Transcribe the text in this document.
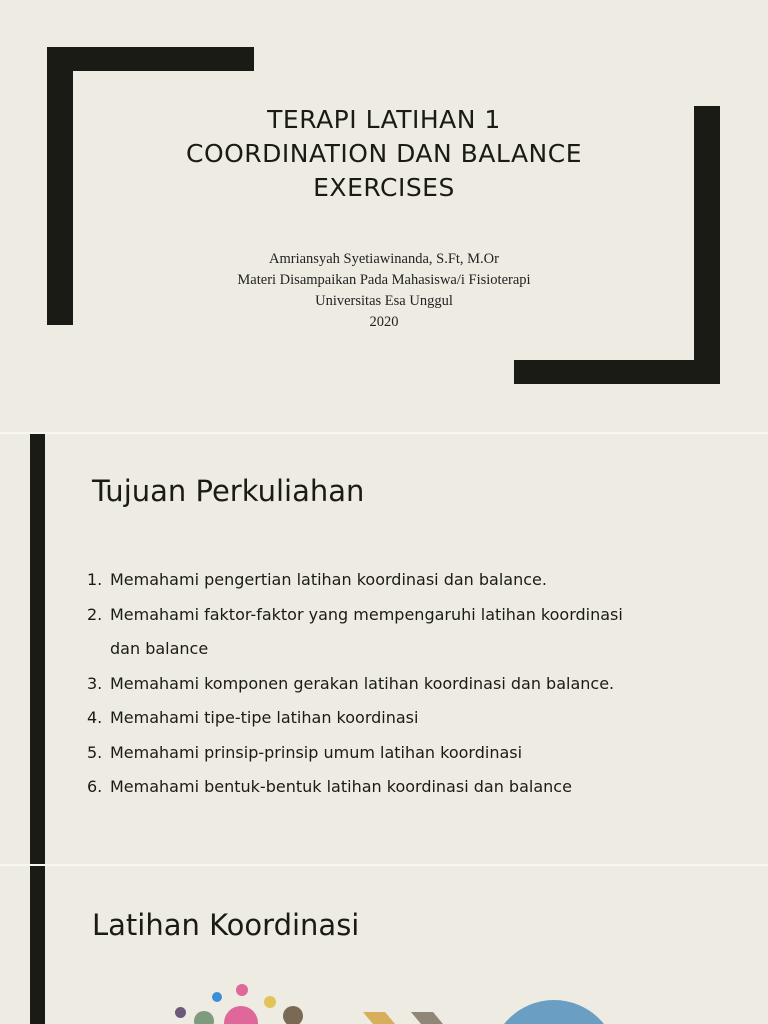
TERAPI LATIHAN 1
COORDINATION DAN BALANCE
EXERCISES
Amriansyah Syetiawinanda, S.Ft, M.Or
Materi Disampaikan Pada Mahasiswa/i Fisioterapi
Universitas Esa Unggul
2020
Tujuan Perkuliahan
1. Memahami pengertian latihan koordinasi dan balance.
2. Memahami faktor-faktor yang mempengaruhi latihan koordinasi
dan balance
3. Memahami komponen gerakan latihan koordinasi dan balance.
4. Memahami tipe-tipe latihan koordinasi
5. Memahami prinsip-prinsip umum latihan koordinasi
6. Memahami bentuk-bentuk latihan koordinasi dan balance
Latihan Koordinasi
